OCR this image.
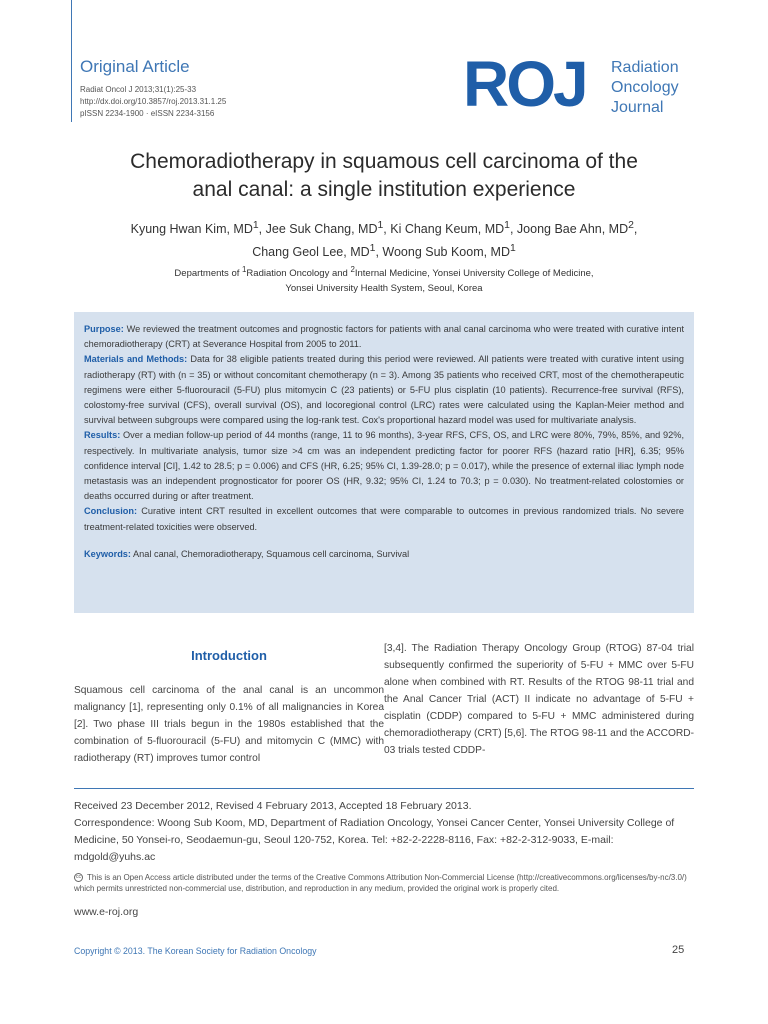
Original Article
Radiat Oncol J 2013;31(1):25-33
http://dx.doi.org/10.3857/roj.2013.31.1.25
pISSN 2234-1900 · eISSN 2234-3156	ROJ Radiation
Oncology
Journal
Chemoradiotherapy in squamous cell carcinoma of the
anal canal: a single institution experience
Kyung Hwan Kim, $MD^1$, Jee Suk Chang, $MD^1$, Ki Chang Keum, $MD^1$, Joong Bae Ahn, $MD^2$,
Chang Geol Lee, $MD^1$, Woong Sub Koom, $MD^1$
Departments of $^1$Radiation Oncology and $^2$Internal Medicine, Yonsei University College of Medicine,
Yonsei University Health System, Seoul, Korea

Purpose: We reviewed the treatment outcomes and prognostic factors for patients with anal canal carcinoma who were treated with curative intent chemoradiotherapy (CRT) at Severance Hospital from 2005 to 2011.

Materials and Methods: Data for 38 eligible patients treated during this period were reviewed. All patients were treated with curative intent using radiotherapy (RT) with (n = 35) or without concomitant chemotherapy (n = 3). Among 35 patients who received CRT, most of the chemotherapeutic regimens were either 5-fluorouracil (5-FU) plus mitomycin C (23 patients) or 5-FU plus cisplatin (10 patients). Recurrence-free survival (RFS), colostomy-free survival (CFS), overall survival (OS), and locoregional control (LRC) rates were calculated using the Kaplan-Meier method and survival between subgroups were compared using the log-rank test. Cox's proportional hazard model was used for multivariate analysis.

Results: Over a median follow-up period of 44 months (range, 11 to 96 months), 3-year RFS, CFS, OS, and LRC were 80%, 79%, 85%, and 92%, respectively. In multivariate analysis, tumor size >4 cm was an independent predicting factor for poorer RFS (hazard ratio [HR], 6.35; 95% confidence interval [CI], 1.42 to 28.5; p = 0.006) and CFS (HR, 6.25; 95% CI, 1.39-28.0; p = 0.017), while the presence of external iliac lymph node metastasis was an independent prognosticator for poorer OS (HR, 9.32; 95% CI, 1.24 to 70.3; p = 0.030). No treatment-related colostomies or deaths occurred during or after treatment.

Conclusion: Curative intent CRT resulted in excellent outcomes that were comparable to outcomes in previous randomized trials. No severe treatment-related toxicities were observed.

Keywords: Anal canal, Chemoradiotherapy, Squamous cell carcinoma, Survival

Introduction
Squamous cell carcinoma of the anal canal is an uncommon malignancy [1], representing only 0.1% of all malignancies in Korea [2]. Two phase III trials begun in the 1980s established that the combination of 5-fluorouracil (5-FU) and mitomycin C (MMC) with radiotherapy (RT) improves tumor control
[3,4]. The Radiation Therapy Oncology Group (RTOG) 87-04 trial subsequently confirmed the superiority of 5-FU + MMC over 5-FU alone when combined with RT. Results of the RTOG 98-11 trial and the Anal Cancer Trial (ACT) II indicate no advantage of 5-FU + cisplatin (CDDP) compared to 5-FU + MMC administered during chemoradiotherapy (CRT) [5,6]. The RTOG 98-11 and the ACCORD-03 trials tested CDDP-
Received 23 December 2012, Revised 4 February 2013, Accepted 18 February 2013.
Correspondence: Woong Sub Koom, MD, Department of Radiation Oncology, Yonsei Cancer Center, Yonsei University College of Medicine, 50 Yonsei-ro, Seodaemun-gu, Seoul 120-752, Korea. Tel: +82-2-2228-8116, Fax: +82-2-312-9033, E-mail: mdgold@yuhs.ac
cc This is an Open Access article distributed under the terms of the Creative Commons Attribution Non-Commercial License (http://creativecommons.org/licenses/by-nc/3.0/) which permits unrestricted non-commercial use, distribution, and reproduction in any medium, provided the original work is properly cited.
www.e-roj.org
Copyright © 2013. The Korean Society for Radiation Oncology	25
